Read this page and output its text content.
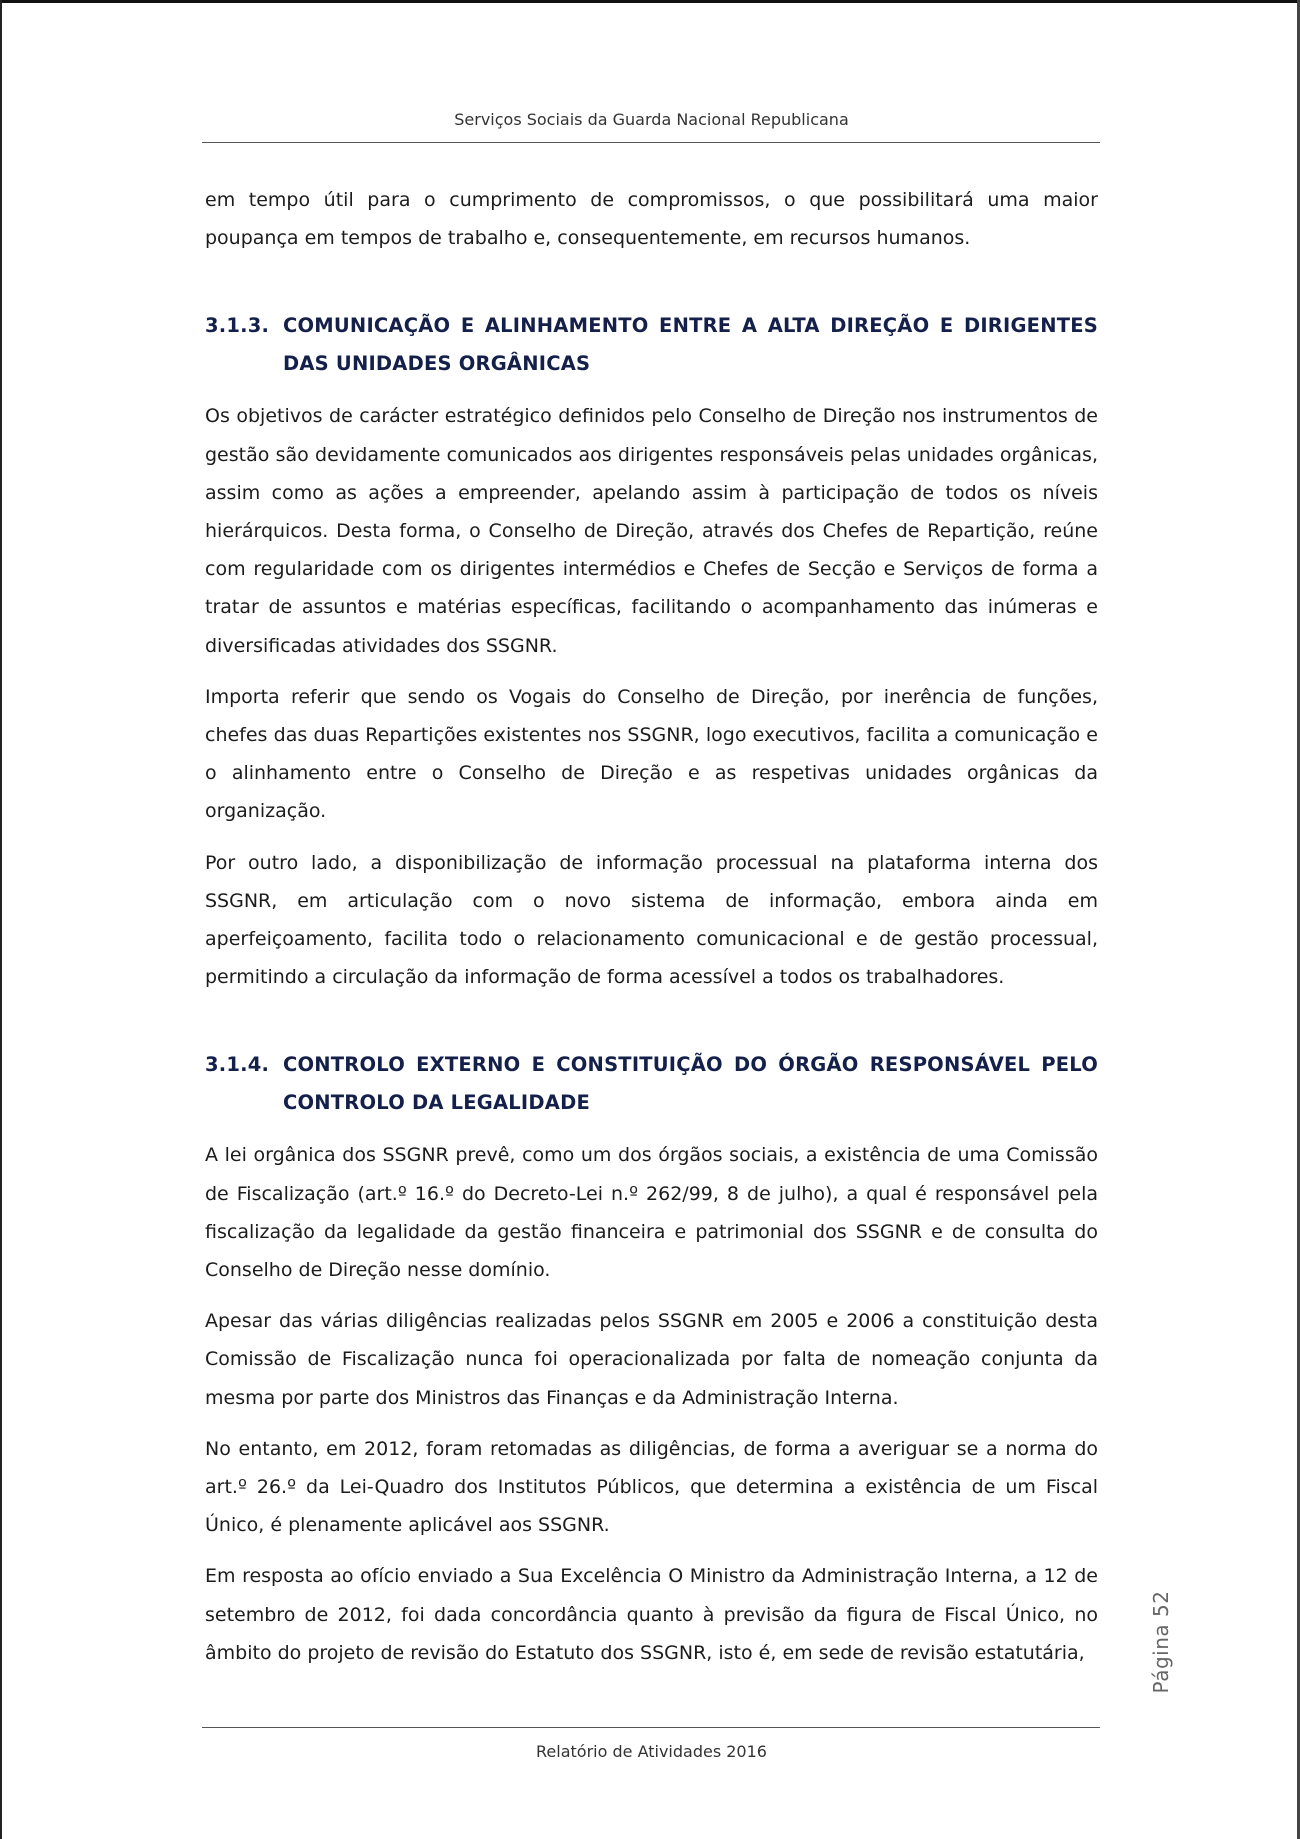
Serviços Sociais da Guarda Nacional Republicana

em tempo útil para o cumprimento de compromissos, o que possibilitará uma maior poupança em tempos de trabalho e, consequentemente, em recursos humanos.

3.1.3. COMUNICAÇÃO E ALINHAMENTO ENTRE A ALTA DIREÇÃO E DIRIGENTES DAS UNIDADES ORGÂNICAS

Os objetivos de carácter estratégico definidos pelo Conselho de Direção nos instrumentos de gestão são devidamente comunicados aos dirigentes responsáveis pelas unidades orgânicas, assim como as ações a empreender, apelando assim à participação de todos os níveis hierárquicos. Desta forma, o Conselho de Direção, através dos Chefes de Repartição, reúne com regularidade com os dirigentes intermédios e Chefes de Secção e Serviços de forma a tratar de assuntos e matérias específicas, facilitando o acompanhamento das inúmeras e diversificadas atividades dos SSGNR.

Importa referir que sendo os Vogais do Conselho de Direção, por inerência de funções, chefes das duas Repartições existentes nos SSGNR, logo executivos, facilita a comunicação e o alinhamento entre o Conselho de Direção e as respetivas unidades orgânicas da organização.

Por outro lado, a disponibilização de informação processual na plataforma interna dos SSGNR, em articulação com o novo sistema de informação, embora ainda em aperfeiçoamento, facilita todo o relacionamento comunicacional e de gestão processual, permitindo a circulação da informação de forma acessível a todos os trabalhadores.

3.1.4. CONTROLO EXTERNO E CONSTITUIÇÃO DO ÓRGÃO RESPONSÁVEL PELO CONTROLO DA LEGALIDADE

A lei orgânica dos SSGNR prevê, como um dos órgãos sociais, a existência de uma Comissão de Fiscalização (art.º 16.º do Decreto-Lei n.º 262/99, 8 de julho), a qual é responsável pela fiscalização da legalidade da gestão financeira e patrimonial dos SSGNR e de consulta do Conselho de Direção nesse domínio.

Apesar das várias diligências realizadas pelos SSGNR em 2005 e 2006 a constituição desta Comissão de Fiscalização nunca foi operacionalizada por falta de nomeação conjunta da mesma por parte dos Ministros das Finanças e da Administração Interna.

No entanto, em 2012, foram retomadas as diligências, de forma a averiguar se a norma do art.º 26.º da Lei-Quadro dos Institutos Públicos, que determina a existência de um Fiscal Único, é plenamente aplicável aos SSGNR.

Em resposta ao ofício enviado a Sua Excelência O Ministro da Administração Interna, a 12 de setembro de 2012, foi dada concordância quanto à previsão da figura de Fiscal Único, no âmbito do projeto de revisão do Estatuto dos SSGNR, isto é, em sede de revisão estatutária,	Página 52
Relatório de Atividades 2016
